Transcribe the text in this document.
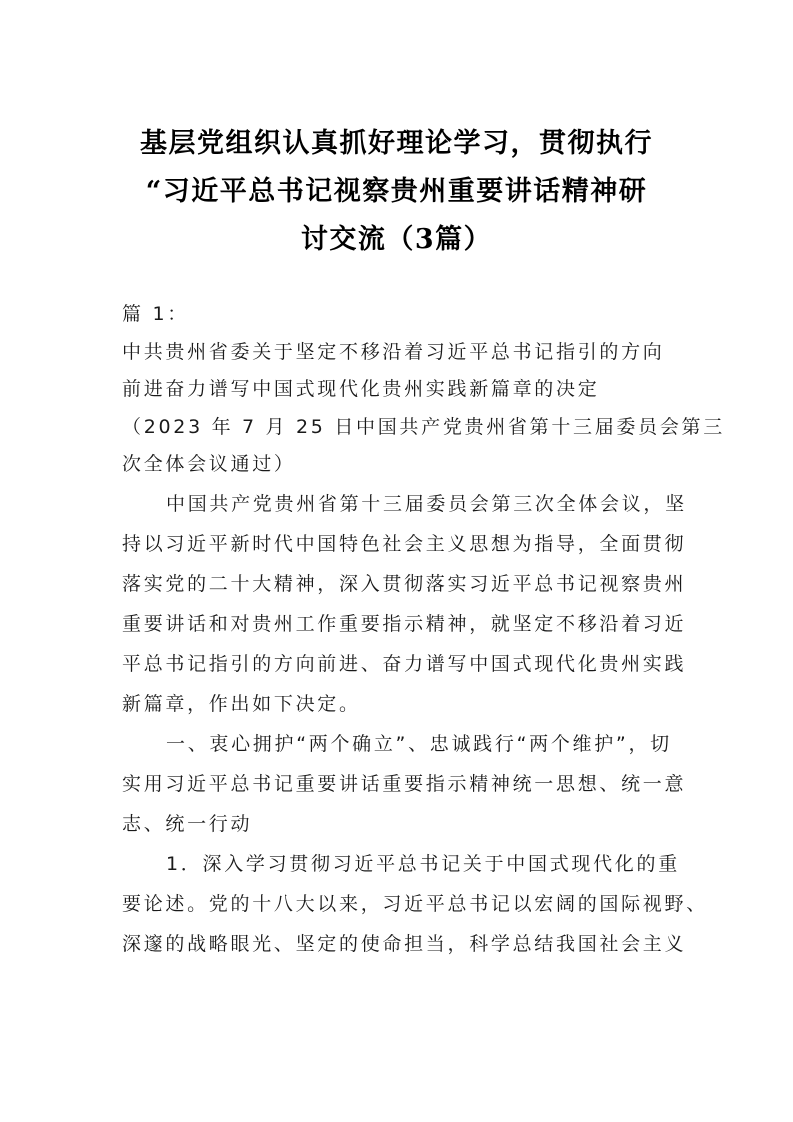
基层党组织认真抓好理论学习，贯彻执行
“习近平总书记视察贵州重要讲话精神研
讨交流（3篇）
篇 1：
中共贵州省委关于坚定不移沿着习近平总书记指引的方向
前进奋力谱写中国式现代化贵州实践新篇章的决定
（2023 年 7 月 25 日中国共产党贵州省第十三届委员会第三
次全体会议通过）
中国共产党贵州省第十三届委员会第三次全体会议，坚
持以习近平新时代中国特色社会主义思想为指导，全面贯彻
落实党的二十大精神，深入贯彻落实习近平总书记视察贵州
重要讲话和对贵州工作重要指示精神，就坚定不移沿着习近
平总书记指引的方向前进、奋力谱写中国式现代化贵州实践
新篇章，作出如下决定。
一、衷心拥护“两个确立”、忠诚践行“两个维护”，切
实用习近平总书记重要讲话重要指示精神统一思想、统一意
志、统一行动
1．深入学习贯彻习近平总书记关于中国式现代化的重
要论述。党的十八大以来，习近平总书记以宏阔的国际视野、
深邃的战略眼光、坚定的使命担当，科学总结我国社会主义
